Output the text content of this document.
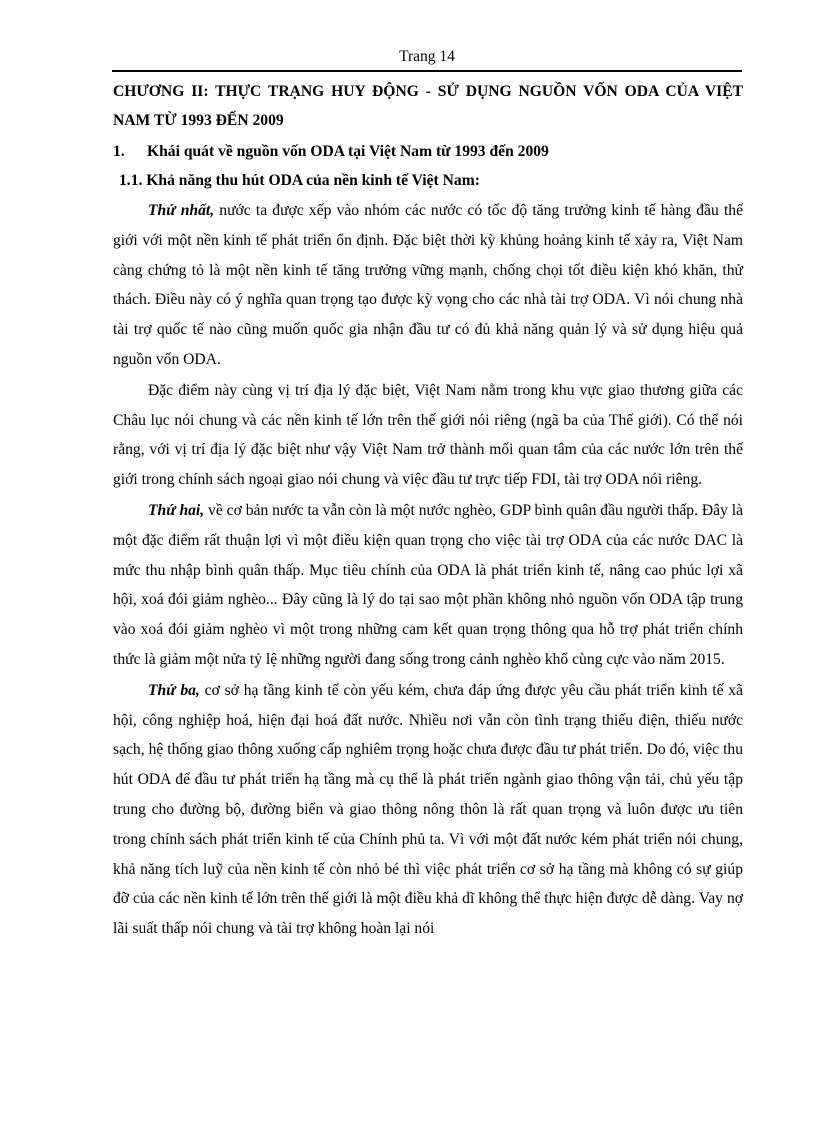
Trang 14

CHƯƠNG II: THỰC TRẠNG HUY ĐỘNG - SỬ DỤNG NGUỒN VỐN ODA CỦA VIỆT NAM TỪ 1993 ĐẾN 2009

1.	Khái quát về nguồn vốn ODA tại Việt Nam từ 1993 đến 2009
1.1. Khả năng thu hút ODA của nền kinh tế Việt Nam:

Thứ nhất, nước ta được xếp vào nhóm các nước có tốc độ tăng trưởng kinh tế hàng đầu thế giới với một nền kinh tế phát triển ổn định. Đặc biệt thời kỳ khủng hoảng kinh tế xảy ra, Việt Nam càng chứng tỏ là một nền kinh tế tăng trưởng vững mạnh, chống chọi tốt điều kiện khó khăn, thử thách. Điều này có ý nghĩa quan trọng tạo được kỳ vọng cho các nhà tài trợ ODA. Vì nói chung nhà tài trợ quốc tế nào cũng muốn quốc gia nhận đầu tư có đủ khả năng quản lý và sử dụng hiệu quả nguồn vốn ODA.

Đặc điểm này cùng vị trí địa lý đặc biệt, Việt Nam nằm trong khu vực giao thương giữa các Châu lục nói chung và các nền kinh tế lớn trên thế giới nói riêng (ngã ba của Thế giới). Có thể nói rằng, với vị trí địa lý đặc biệt như vậy Việt Nam trở thành mối quan tâm của các nước lớn trên thế giới trong chính sách ngoại giao nói chung và việc đầu tư trực tiếp FDI, tài trợ ODA nói riêng.

Thứ hai, về cơ bản nước ta vẫn còn là một nước nghèo, GDP bình quân đầu người thấp. Đây là một đặc điểm rất thuận lợi vì một điều kiện quan trọng cho việc tài trợ ODA của các nước DAC là mức thu nhập bình quân thấp. Mục tiêu chính của ODA là phát triển kinh tế, nâng cao phúc lợi xã hội, xoá đói giảm nghèo... Đây cũng là lý do tại sao một phần không nhỏ nguồn vốn ODA tập trung vào xoá đói giảm nghèo vì một trong những cam kết quan trọng thông qua hỗ trợ phát triển chính thức là giảm một nửa tỷ lệ những người đang sống trong cảnh nghèo khổ cùng cực vào năm 2015.

Thứ ba, cơ sở hạ tầng kinh tế còn yếu kém, chưa đáp ứng được yêu cầu phát triển kinh tế xã hội, công nghiệp hoá, hiện đại hoá đất nước. Nhiều nơi vẫn còn tình trạng thiếu điện, thiếu nước sạch, hệ thống giao thông xuống cấp nghiêm trọng hoặc chưa được đầu tư phát triển. Do đó, việc thu hút ODA để đầu tư phát triển hạ tầng mà cụ thể là phát triển ngành giao thông vận tải, chủ yếu tập trung cho đường bộ, đường biển và giao thông nông thôn là rất quan trọng và luôn được ưu tiên trong chính sách phát triển kinh tế của Chính phủ ta. Vì với một đất nước kém phát triển nói chung, khả năng tích luỹ của nền kinh tế còn nhỏ bé thì việc phát triển cơ sở hạ tầng mà không có sự giúp đỡ của các nền kinh tế lớn trên thế giới là một điều khả dĩ không thể thực hiện được dễ dàng. Vay nợ lãi suất thấp nói chung và tài trợ không hoàn lại nói
